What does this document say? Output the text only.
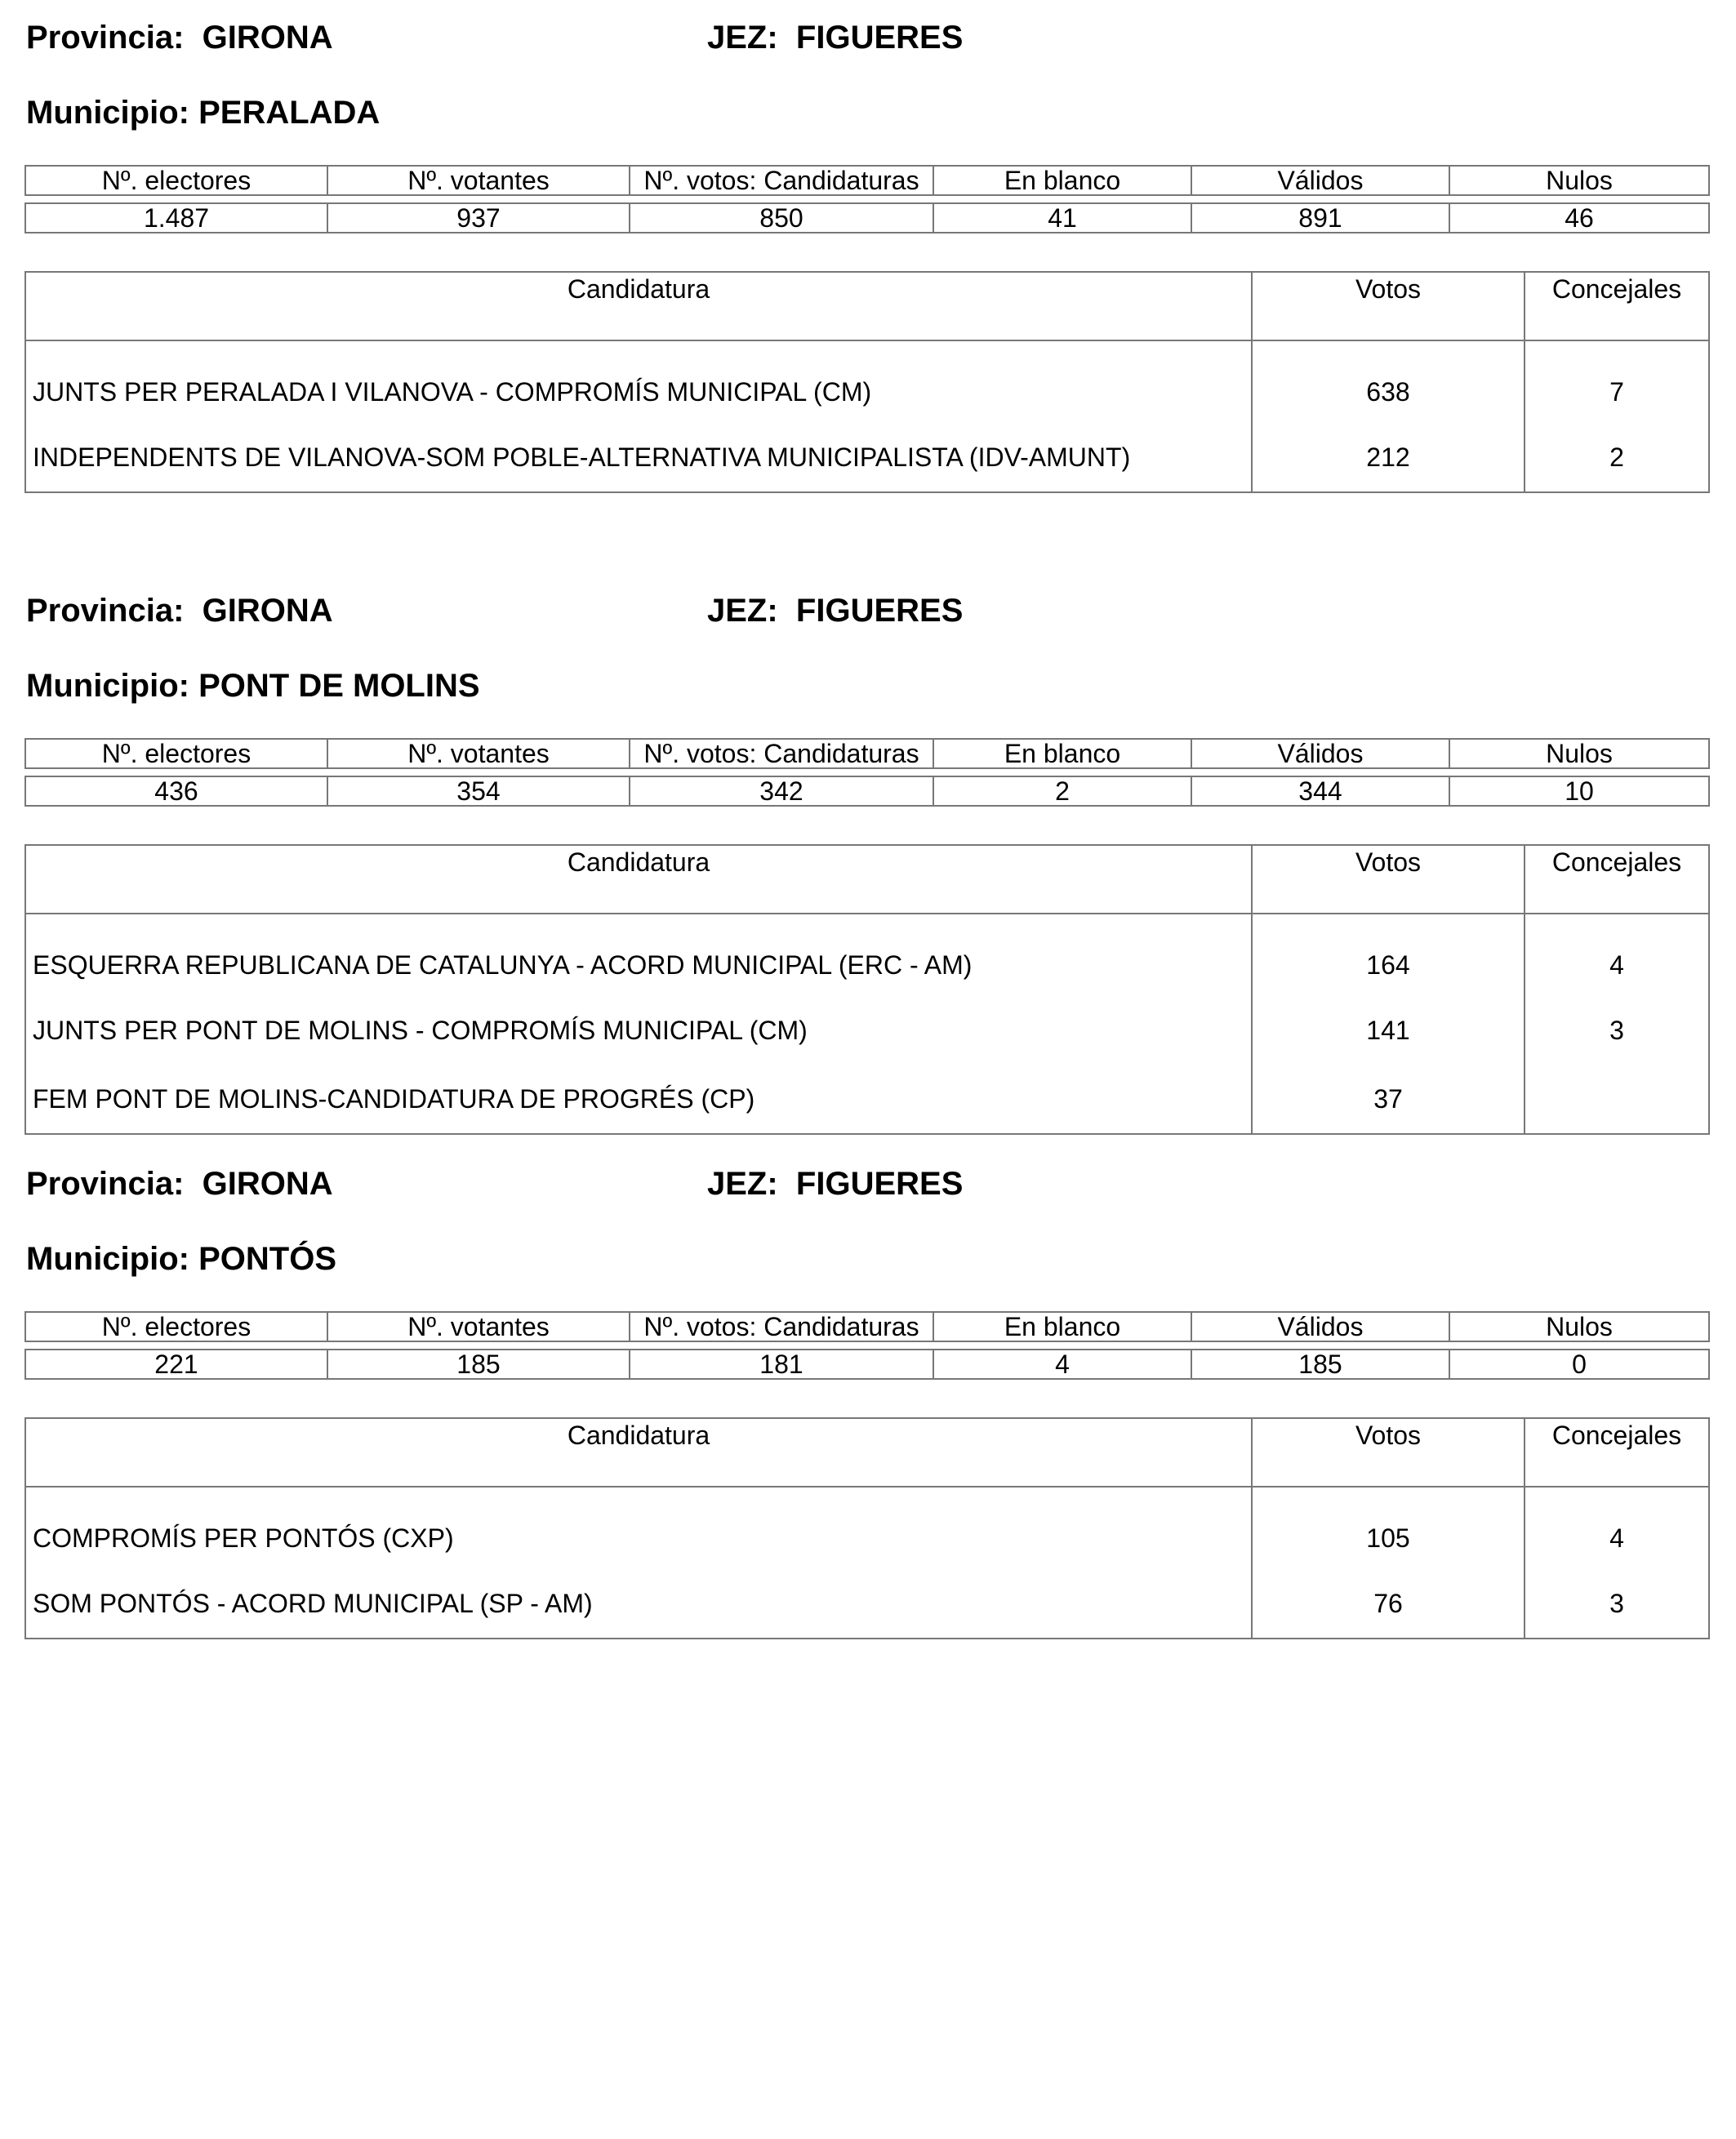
Provincia: GIRONA	JEZ: FIGUERES
Municipio: PERALADA
Nº. electores	Nº. votantes	Nº. votos: Candidaturas	En blanco	Válidos	Nulos

1.487	937	850	41	891	46
Candidatura	Votos	Concejales
JUNTS PER PERALADA I VILANOVA - COMPROMÍS MUNICIPAL (CM)	638	7
INDEPENDENTS DE VILANOVA-SOM POBLE-ALTERNATIVA MUNICIPALISTA (IDV-AMUNT)	212	2
Provincia: GIRONA	JEZ: FIGUERES
Municipio: PONT DE MOLINS
Nº. electores	Nº. votantes	Nº. votos: Candidaturas	En blanco	Válidos	Nulos

436	354	342	2	344	10
Candidatura	Votos	Concejales
ESQUERRA REPUBLICANA DE CATALUNYA - ACORD MUNICIPAL (ERC - AM)	164	4
JUNTS PER PONT DE MOLINS - COMPROMÍS MUNICIPAL (CM)	141	3
FEM PONT DE MOLINS-CANDIDATURA DE PROGRÉS (CP)	37	
Provincia: GIRONA	JEZ: FIGUERES
Municipio: PONTÓS
Nº. electores	Nº. votantes	Nº. votos: Candidaturas	En blanco	Válidos	Nulos

221	185	181	4	185	0
Candidatura	Votos	Concejales
COMPROMÍS PER PONTÓS (CXP)	105	4
SOM PONTÓS - ACORD MUNICIPAL (SP - AM)	76	3
